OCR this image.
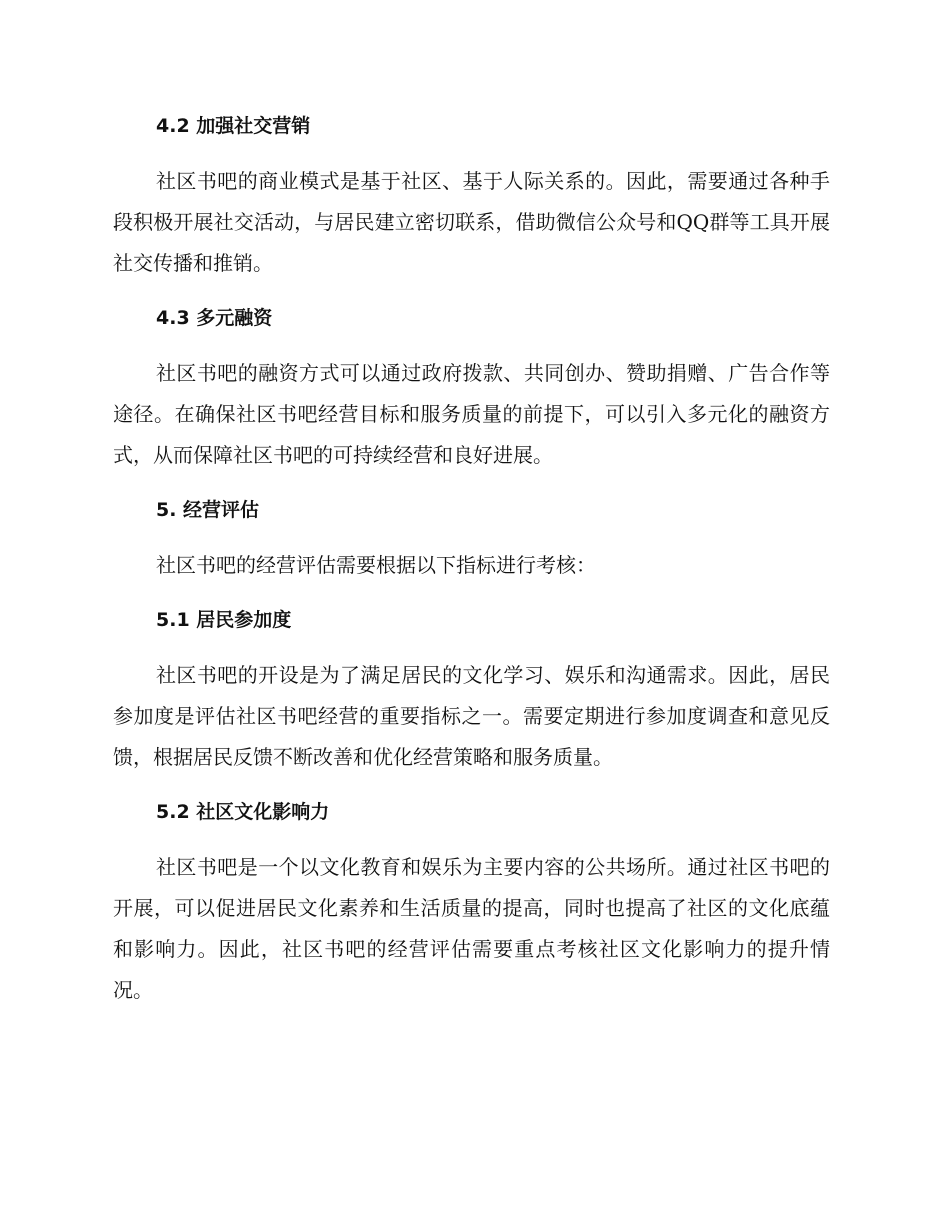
4.2 加强社交营销

社区书吧的商业模式是基于社区、基于人际关系的。因此，需要通过各种手段积极开展社交活动，与居民建立密切联系，借助微信公众号和QQ群等工具开展社交传播和推销。

4.3 多元融资

社区书吧的融资方式可以通过政府拨款、共同创办、赞助捐赠、广告合作等途径。在确保社区书吧经营目标和服务质量的前提下，可以引入多元化的融资方式，从而保障社区书吧的可持续经营和良好进展。

5. 经营评估

社区书吧的经营评估需要根据以下指标进行考核：

5.1 居民参加度

社区书吧的开设是为了满足居民的文化学习、娱乐和沟通需求。因此，居民参加度是评估社区书吧经营的重要指标之一。需要定期进行参加度调查和意见反馈，根据居民反馈不断改善和优化经营策略和服务质量。

5.2 社区文化影响力

社区书吧是一个以文化教育和娱乐为主要内容的公共场所。通过社区书吧的开展，可以促进居民文化素养和生活质量的提高，同时也提高了社区的文化底蕴和影响力。因此，社区书吧的经营评估需要重点考核社区文化影响力的提升情况。
